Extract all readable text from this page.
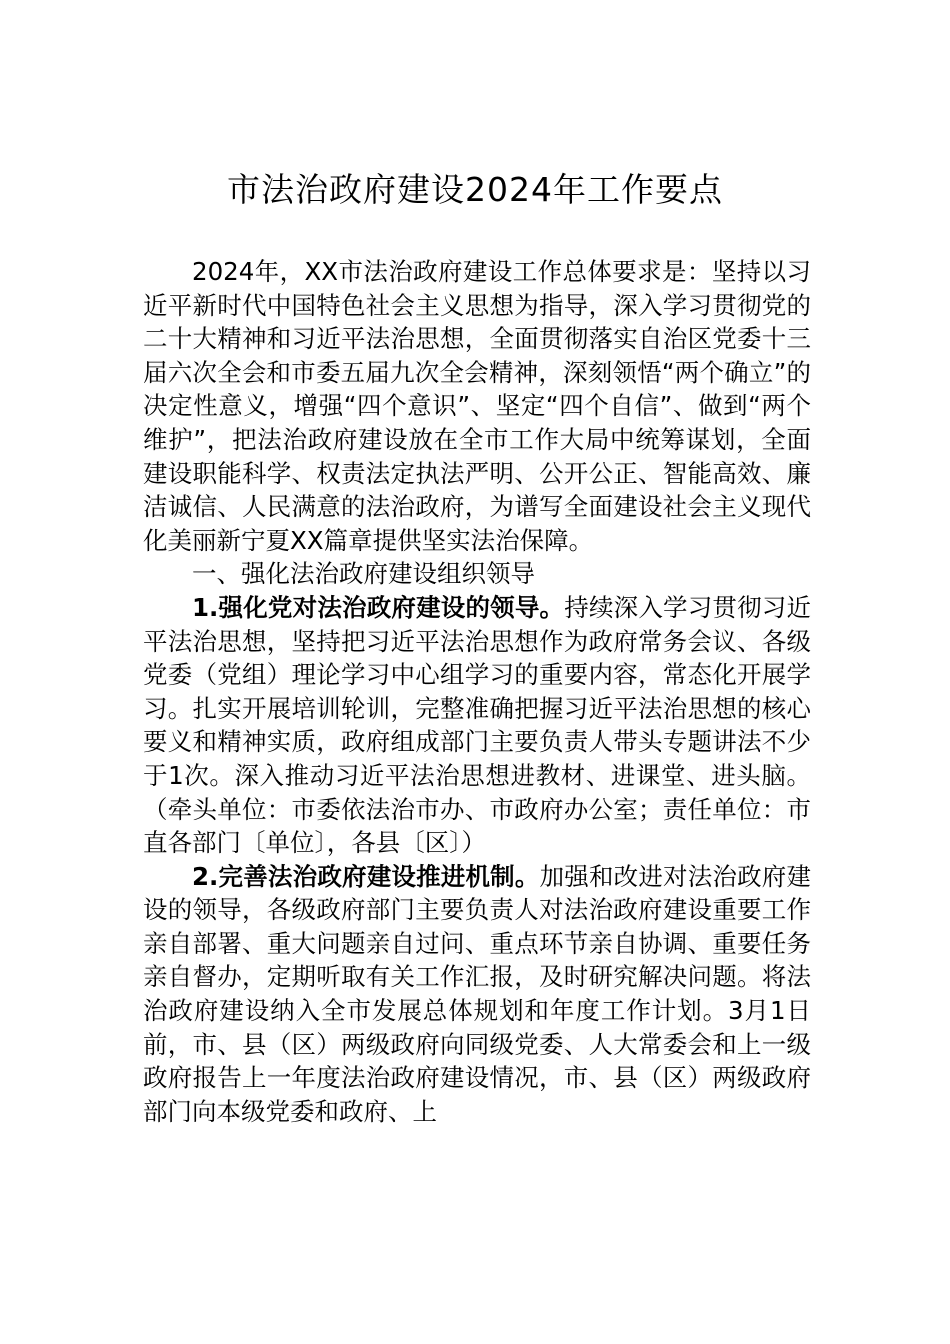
市法治政府建设2024年工作要点

2024年，XX市法治政府建设工作总体要求是：坚持以习近平新时代中国特色社会主义思想为指导，深入学习贯彻党的二十大精神和习近平法治思想，全面贯彻落实自治区党委十三届六次全会和市委五届九次全会精神，深刻领悟“两个确立”的决定性意义，增强“四个意识”、坚定“四个自信”、做到“两个维护”，把法治政府建设放在全市工作大局中统筹谋划，全面建设职能科学、权责法定执法严明、公开公正、智能高效、廉洁诚信、人民满意的法治政府，为谱写全面建设社会主义现代化美丽新宁夏XX篇章提供坚实法治保障。

一、强化法治政府建设组织领导

1.强化党对法治政府建设的领导。持续深入学习贯彻习近平法治思想，坚持把习近平法治思想作为政府常务会议、各级党委（党组）理论学习中心组学习的重要内容，常态化开展学习。扎实开展培训轮训，完整准确把握习近平法治思想的核心要义和精神实质，政府组成部门主要负责人带头专题讲法不少于1次。深入推动习近平法治思想进教材、进课堂、进头脑。（牵头单位：市委依法治市办、市政府办公室；责任单位：市直各部门〔单位〕，各县〔区〕）

2.完善法治政府建设推进机制。加强和改进对法治政府建设的领导，各级政府部门主要负责人对法治政府建设重要工作亲自部署、重大问题亲自过问、重点环节亲自协调、重要任务亲自督办，定期听取有关工作汇报，及时研究解决问题。将法治政府建设纳入全市发展总体规划和年度工作计划。3月1日前，市、县（区）两级政府向同级党委、人大常委会和上一级政府报告上一年度法治政府建设情况，市、县（区）两级政府部门向本级党委和政府、上
